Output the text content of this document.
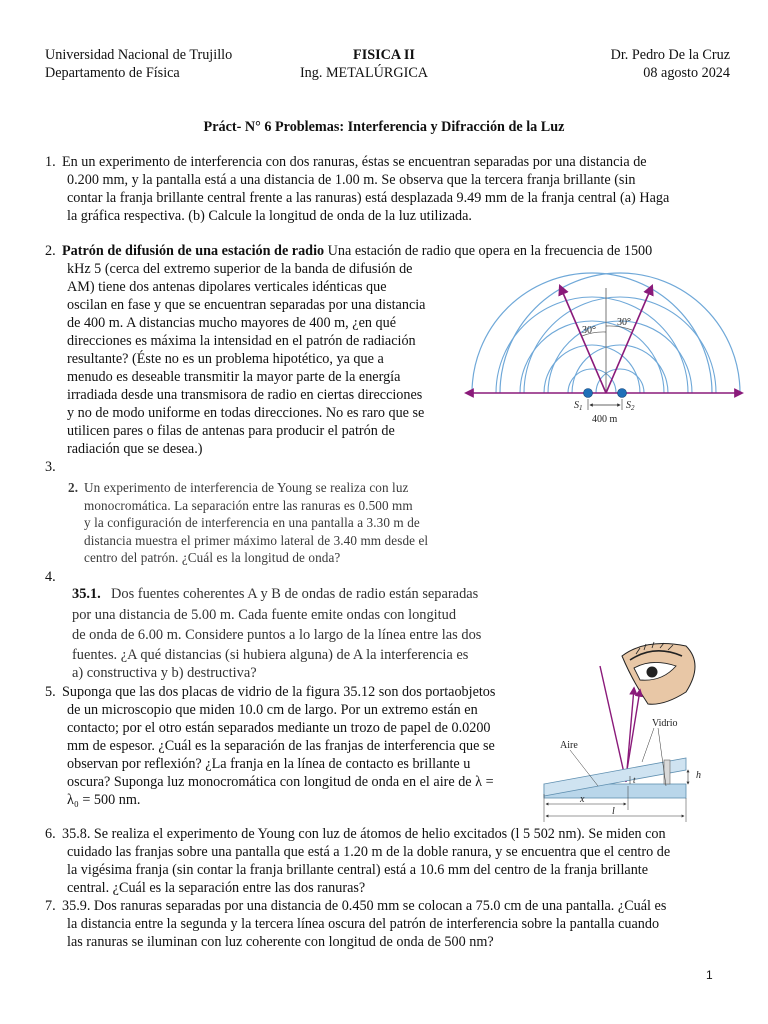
Universidad Nacional de Trujillo
Departamento de Física
FISICA II
Ing. METALÚRGICA
Dr. Pedro De la Cruz
08 agosto 2024
Práct- N° 6 Problemas: Interferencia y Difracción de la Luz
1. En un experimento de interferencia con dos ranuras, éstas se encuentran separadas por una distancia de
0.200 mm, y la pantalla está a una distancia de 1.00 m. Se observa que la tercera franja brillante (sin
contar la franja brillante central frente a las ranuras) está desplazada 9.49 mm de la franja central (a) Haga
la gráfica respectiva. (b) Calcule la longitud de onda de la luz utilizada.
2. Patrón de difusión de una estación de radio Una estación de radio que opera en la frecuencia de 1500
kHz 5 (cerca del extremo superior de la banda de difusión de
AM) tiene dos antenas dipolares verticales idénticas que
oscilan en fase y que se encuentran separadas por una distancia
de 400 m. A distancias mucho mayores de 400 m, ¿en qué
direcciones es máxima la intensidad en el patrón de radiación
resultante? (Éste no es un problema hipotético, ya que a
menudo es deseable transmitir la mayor parte de la energía
irradiada desde una transmisora de radio en ciertas direcciones
y no de modo uniforme en todas direcciones. No es raro que se
utilicen pares o filas de antenas para producir el patrón de
radiación que se desea.)
30°
30°
$S_1$	$S_2$
400 m
3.
2. Un experimento de interferencia de Young se realiza con luz
monocromática. La separación entre las ranuras es 0.500 mm
y la configuración de interferencia en una pantalla a 3.30 m de
distancia muestra el primer máximo lateral de 3.40 mm desde el
centro del patrón. ¿Cuál es la longitud de onda?
4.
35.1. Dos fuentes coherentes A y B de ondas de radio están separadas
por una distancia de 5.00 m. Cada fuente emite ondas con longitud
de onda de 6.00 m. Considere puntos a lo largo de la línea entre las dos
fuentes. ¿A qué distancias (si hubiera alguna) de A la interferencia es
a) constructiva y b) destructiva?
5. Suponga que las dos placas de vidrio de la figura 35.12 son dos portaobjetos
de un microscopio que miden 10.0 cm de largo. Por un extremo están en
contacto; por el otro están separados mediante un trozo de papel de 0.0200
mm de espesor. ¿Cuál es la separación de las franjas de interferencia que se
observan por reflexión? ¿La franja en la línea de contacto es brillante u
oscura? Suponga luz monocromática con longitud de onda en el aire de λ =
λ₀ = 500 nm.
Vidrio
Aire
h
t
x
l
6. 35.8. Se realiza el experimento de Young con luz de átomos de helio excitados (l 5 502 nm). Se miden con
cuidado las franjas sobre una pantalla que está a 1.20 m de la doble ranura, y se encuentra que el centro de
la vigésima franja (sin contar la franja brillante central) está a 10.6 mm del centro de la franja brillante
central. ¿Cuál es la separación entre las dos ranuras?
7. 35.9. Dos ranuras separadas por una distancia de 0.450 mm se colocan a 75.0 cm de una pantalla. ¿Cuál es
la distancia entre la segunda y la tercera línea oscura del patrón de interferencia sobre la pantalla cuando
las ranuras se iluminan con luz coherente con longitud de onda de 500 nm?
1
